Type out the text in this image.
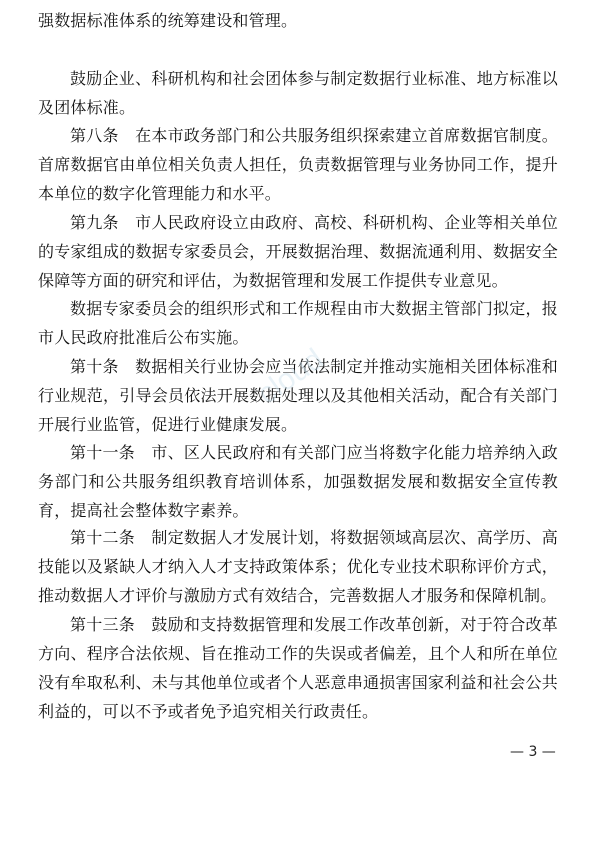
强数据标准体系的统筹建设和管理。

鼓励企业、科研机构和社会团体参与制定数据行业标准、地方标准以及团体标准。

第八条　在本市政务部门和公共服务组织探索建立首席数据官制度。首席数据官由单位相关负责人担任，负责数据管理与业务协同工作，提升本单位的数字化管理能力和水平。

第九条　市人民政府设立由政府、高校、科研机构、企业等相关单位的专家组成的数据专家委员会，开展数据治理、数据流通利用、数据安全保障等方面的研究和评估，为数据管理和发展工作提供专业意见。

数据专家委员会的组织形式和工作规程由市大数据主管部门拟定，报市人民政府批准后公布实施。

第十条　数据相关行业协会应当依法制定并推动实施相关团体标准和行业规范，引导会员依法开展数据处理以及其他相关活动，配合有关部门开展行业监管，促进行业健康发展。

第十一条　市、区人民政府和有关部门应当将数字化能力培养纳入政务部门和公共服务组织教育培训体系，加强数据发展和数据安全宣传教育，提高社会整体数字素养。

第十二条　制定数据人才发展计划，将数据领域高层次、高学历、高技能以及紧缺人才纳入人才支持政策体系；优化专业技术职称评价方式，推动数据人才评价与激励方式有效结合，完善数据人才服务和保障机制。

第十三条　鼓励和支持数据管理和发展工作改革创新，对于符合改革方向、程序合法依规、旨在推动工作的失误或者偏差，且个人和所在单位没有牟取私利、未与其他单位或者个人恶意串通损害国家利益和社会公共利益的，可以不予或者免予追究相关行政责任。

cloud
— 3 —
